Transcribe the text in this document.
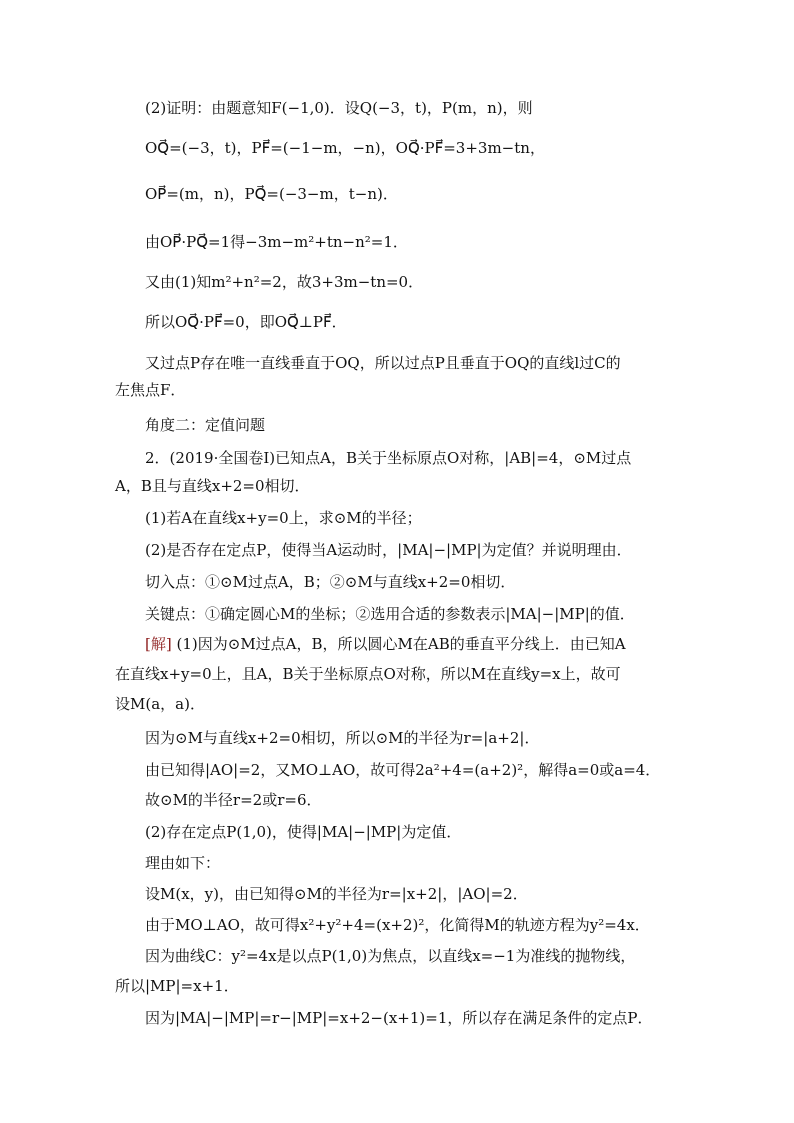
(2)证明：由题意知F(−1,0)．设Q(−3，t)，P(m，n)，则
OQ⃗=(−3，t)，PF⃗=(−1−m，−n)，OQ⃗·PF⃗=3+3m−tn，
OP⃗=(m，n)，PQ⃗=(−3−m，t−n)．
由OP⃗·PQ⃗=1得−3m−m²+tn−n²=1．
又由(1)知m²+n²=2，故3+3m−tn=0．
所以OQ⃗·PF⃗=0，即OQ⃗⊥PF⃗．
又过点P存在唯一直线垂直于OQ，所以过点P且垂直于OQ的直线l过C的
左焦点F．
角度二：定值问题
2．(2019·全国卷Ⅰ)已知点A，B关于坐标原点O对称，|AB|=4，⊙M过点
A，B且与直线x+2=0相切．
(1)若A在直线x+y=0上，求⊙M的半径；
(2)是否存在定点P，使得当A运动时，|MA|−|MP|为定值？并说明理由．
切入点：①⊙M过点A，B；②⊙M与直线x+2=0相切．
关键点：①确定圆心M的坐标；②选用合适的参数表示|MA|−|MP|的值．
[解] (1)因为⊙M过点A，B，所以圆心M在AB的垂直平分线上．由已知A
在直线x+y=0上，且A，B关于坐标原点O对称，所以M在直线y=x上，故可
设M(a，a)．
因为⊙M与直线x+2=0相切，所以⊙M的半径为r=|a+2|．
由已知得|AO|=2，又MO⊥AO，故可得2a²+4=(a+2)²，解得a=0或a=4．
故⊙M的半径r=2或r=6．
(2)存在定点P(1,0)，使得|MA|−|MP|为定值．
理由如下：
设M(x，y)，由已知得⊙M的半径为r=|x+2|，|AO|=2．
由于MO⊥AO，故可得x²+y²+4=(x+2)²，化简得M的轨迹方程为y²=4x．
因为曲线C：y²=4x是以点P(1,0)为焦点，以直线x=−1为准线的抛物线，
所以|MP|=x+1．
因为|MA|−|MP|=r−|MP|=x+2−(x+1)=1，所以存在满足条件的定点P．
